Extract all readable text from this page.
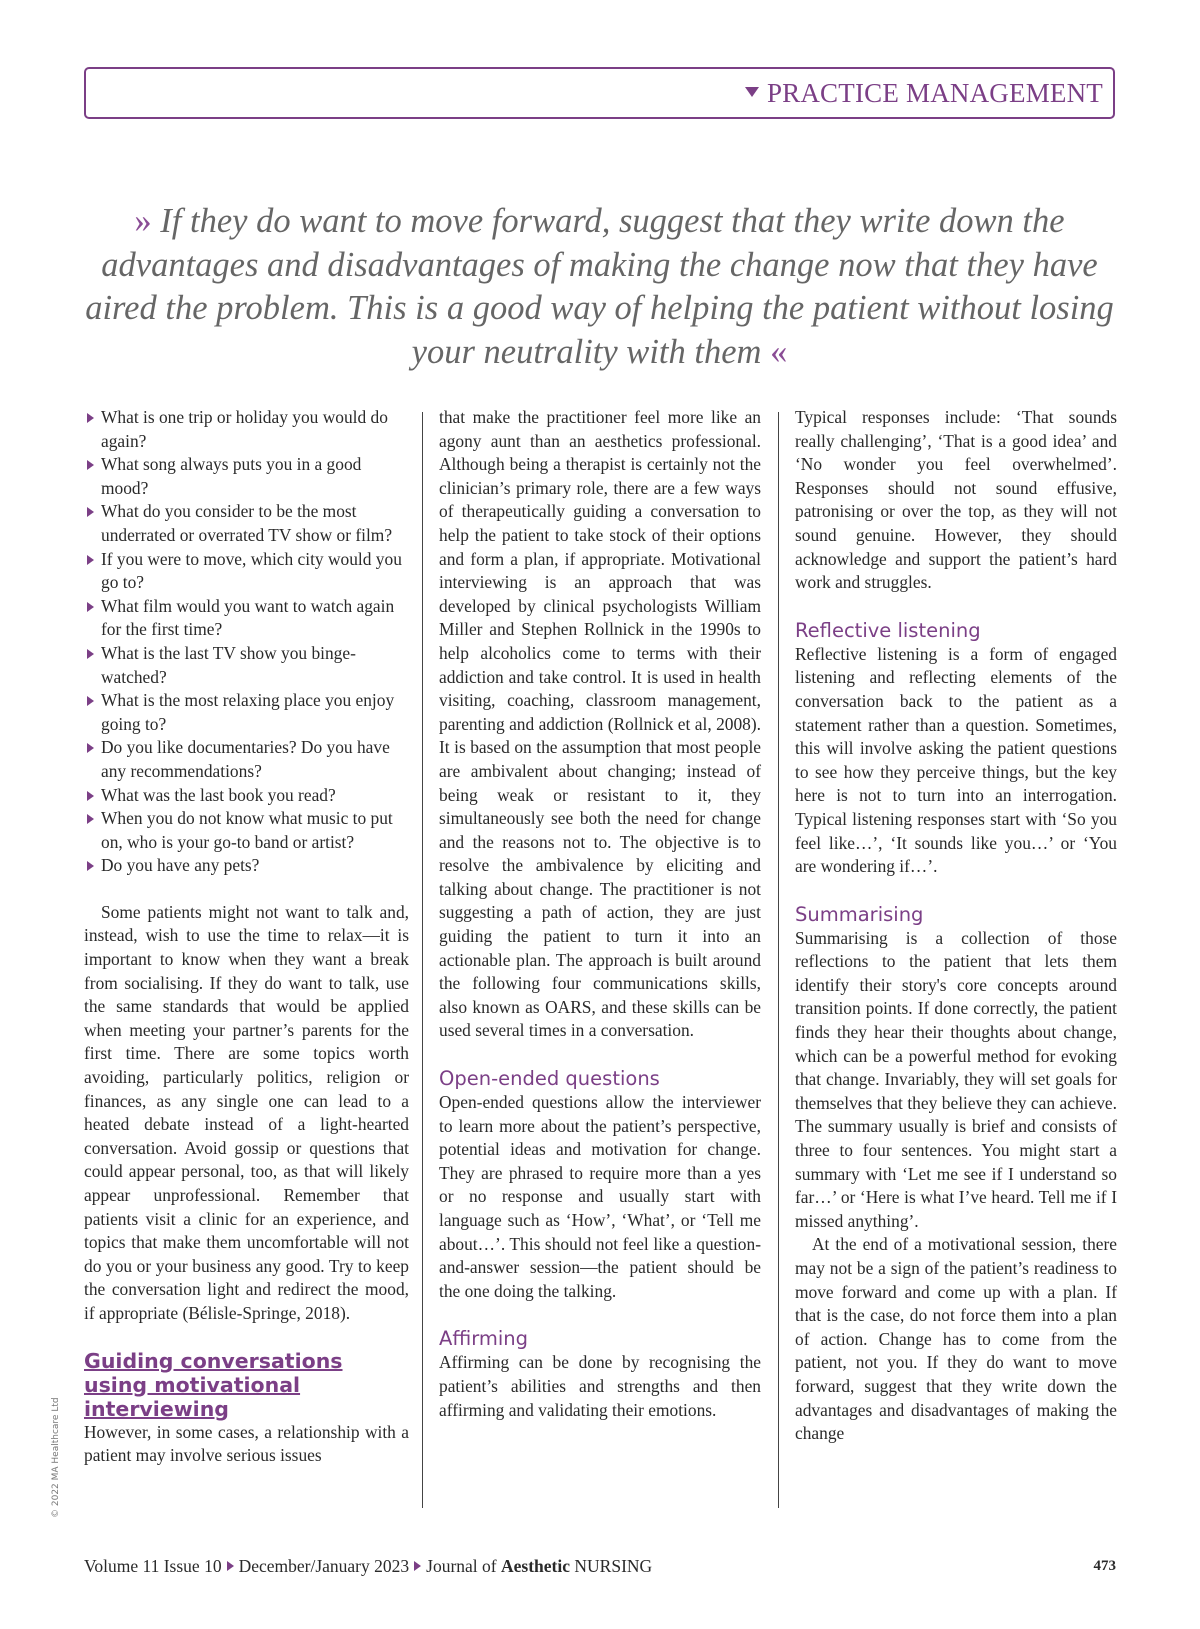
PRACTICE MANAGEMENT
» If they do want to move forward, suggest that they write down the advantages and disadvantages of making the change now that they have aired the problem. This is a good way of helping the patient without losing your neutrality with them «
What is one trip or holiday you would do again?
What song always puts you in a good mood?
What do you consider to be the most underrated or overrated TV show or film?
If you were to move, which city would you go to?
What film would you want to watch again for the first time?
What is the last TV show you binge-watched?
What is the most relaxing place you enjoy going to?
Do you like documentaries? Do you have any recommendations?
What was the last book you read?
When you do not know what music to put on, who is your go-to band or artist?
Do you have any pets?

Some patients might not want to talk and, instead, wish to use the time to relax—it is important to know when they want a break from socialising. If they do want to talk, use the same standards that would be applied when meeting your partner’s parents for the first time. There are some topics worth avoiding, particularly politics, religion or finances, as any single one can lead to a heated debate instead of a light-hearted conversation. Avoid gossip or questions that could appear personal, too, as that will likely appear unprofessional. Remember that patients visit a clinic for an experience, and topics that make them uncomfortable will not do you or your business any good. Try to keep the conversation light and redirect the mood, if appropriate (Bélisle-Springe, 2018).

Guiding conversations using motivational interviewing

However, in some cases, a relationship with a patient may involve serious issues

that make the practitioner feel more like an agony aunt than an aesthetics professional. Although being a therapist is certainly not the clinician’s primary role, there are a few ways of therapeutically guiding a conversation to help the patient to take stock of their options and form a plan, if appropriate. Motivational interviewing is an approach that was developed by clinical psychologists William Miller and Stephen Rollnick in the 1990s to help alcoholics come to terms with their addiction and take control. It is used in health visiting, coaching, classroom management, parenting and addiction (Rollnick et al, 2008). It is based on the assumption that most people are ambivalent about changing; instead of being weak or resistant to it, they simultaneously see both the need for change and the reasons not to. The objective is to resolve the ambivalence by eliciting and talking about change. The practitioner is not suggesting a path of action, they are just guiding the patient to turn it into an actionable plan. The approach is built around the following four communications skills, also known as OARS, and these skills can be used several times in a conversation.

Open-ended questions

Open-ended questions allow the interviewer to learn more about the patient’s perspective, potential ideas and motivation for change. They are phrased to require more than a yes or no response and usually start with language such as ‘How’, ‘What’, or ‘Tell me about…’. This should not feel like a question-and-answer session—the patient should be the one doing the talking.

Affirming

Affirming can be done by recognising the patient’s abilities and strengths and then affirming and validating their emotions.

Typical responses include: ‘That sounds really challenging’, ‘That is a good idea’ and ‘No wonder you feel overwhelmed’. Responses should not sound effusive, patronising or over the top, as they will not sound genuine. However, they should acknowledge and support the patient’s hard work and struggles.

Reflective listening

Reflective listening is a form of engaged listening and reflecting elements of the conversation back to the patient as a statement rather than a question. Sometimes, this will involve asking the patient questions to see how they perceive things, but the key here is not to turn into an interrogation. Typical listening responses start with ‘So you feel like…’, ‘It sounds like you…’ or ‘You are wondering if…’.

Summarising

Summarising is a collection of those reflections to the patient that lets them identify their story's core concepts around transition points. If done correctly, the patient finds they hear their thoughts about change, which can be a powerful method for evoking that change. Invariably, they will set goals for themselves that they believe they can achieve. The summary usually is brief and consists of three to four sentences. You might start a summary with ‘Let me see if I understand so far…’ or ‘Here is what I’ve heard. Tell me if I missed anything’.

At the end of a motivational session, there may not be a sign of the patient’s readiness to move forward and come up with a plan. If that is the case, do not force them into a plan of action. Change has to come from the patient, not you. If they do want to move forward, suggest that they write down the advantages and disadvantages of making the change

© 2022 MA Healthcare Ltd
Volume 11 Issue 10 December/January 2023 Journal of Aesthetic NURSING	473
